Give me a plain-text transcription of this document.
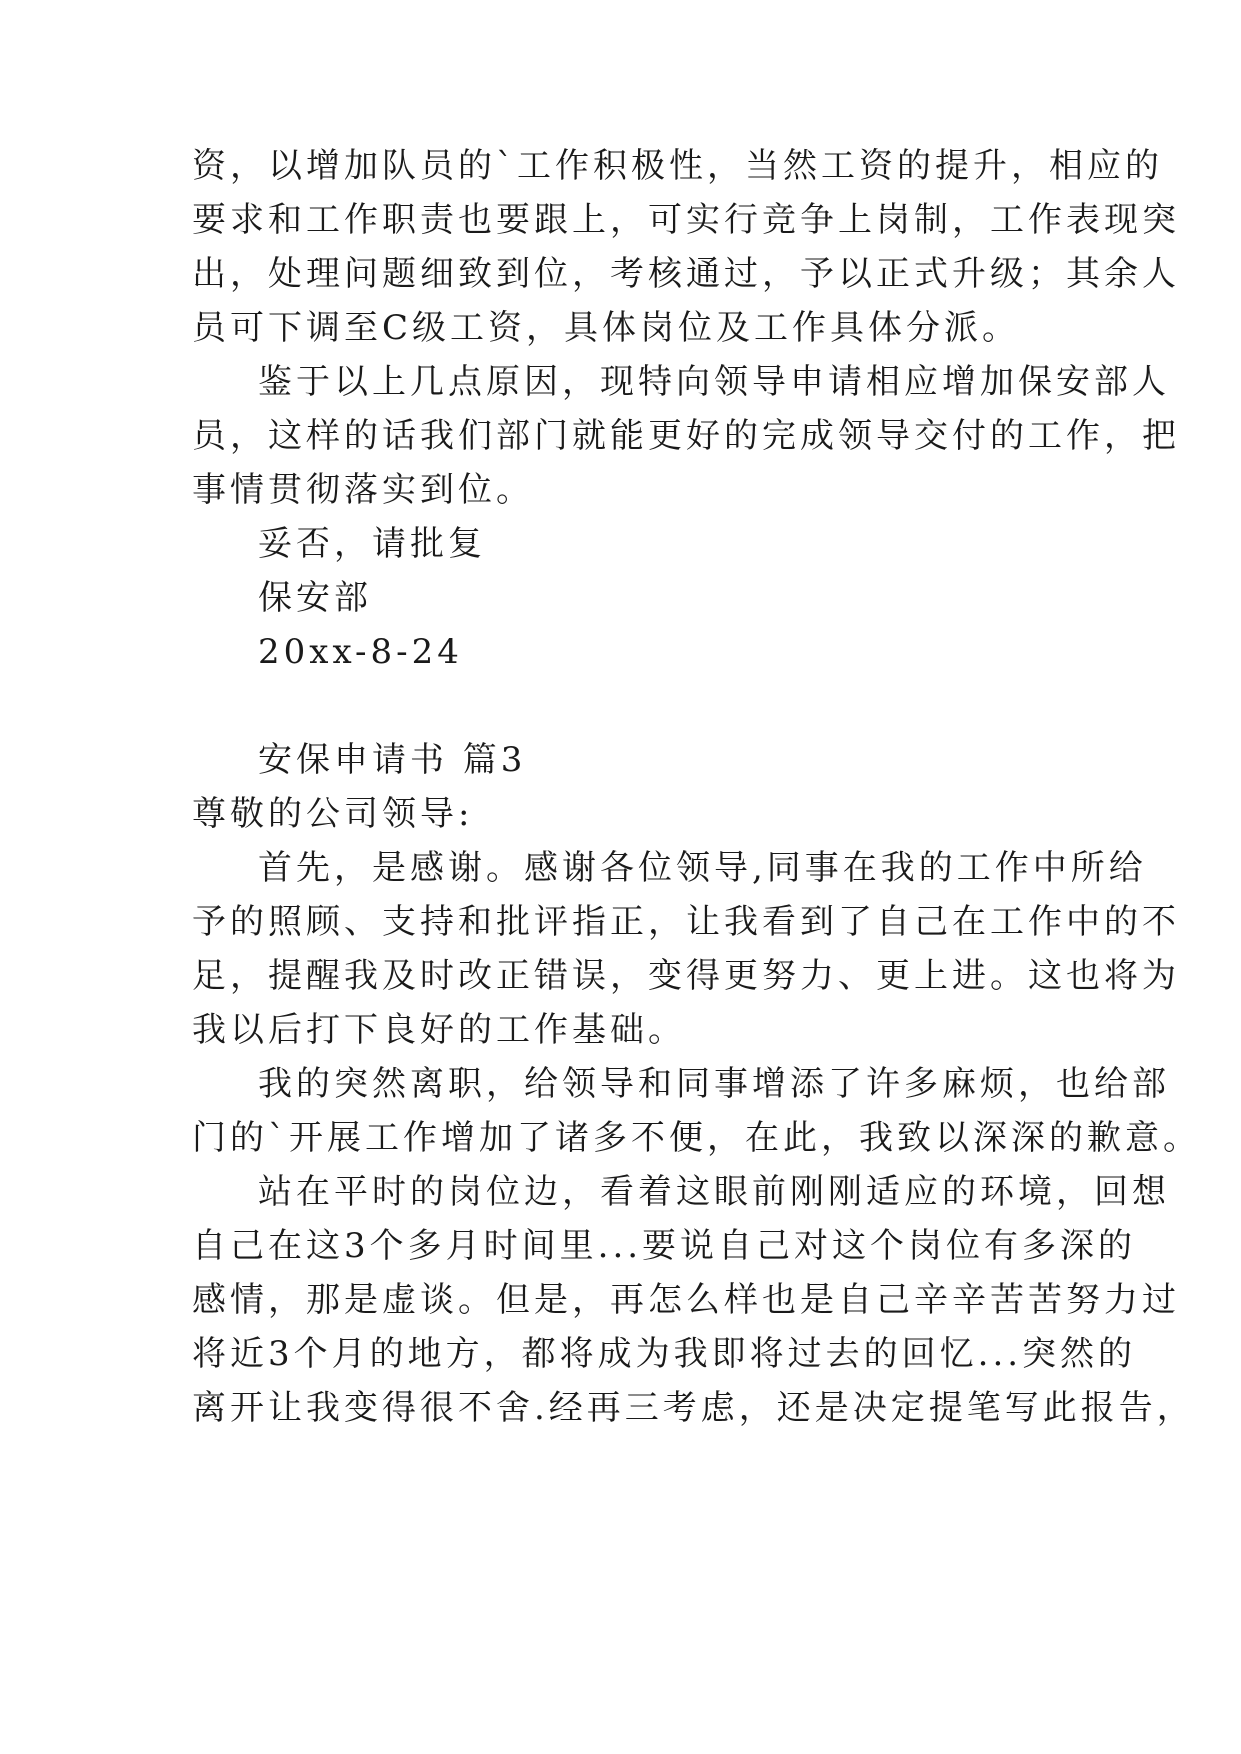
资，以增加队员的`工作积极性，当然工资的提升，相应的
要求和工作职责也要跟上，可实行竞争上岗制，工作表现突
出，处理问题细致到位，考核通过，予以正式升级；其余人
员可下调至C级工资，具体岗位及工作具体分派。
鉴于以上几点原因，现特向领导申请相应增加保安部人
员，这样的话我们部门就能更好的完成领导交付的工作，把
事情贯彻落实到位。
妥否，请批复
保安部
20xx-8-24
安保申请书 篇3
尊敬的公司领导:
首先，是感谢。感谢各位领导,同事在我的工作中所给
予的照顾、支持和批评指正，让我看到了自己在工作中的不
足，提醒我及时改正错误，变得更努力、更上进。这也将为
我以后打下良好的工作基础。
我的突然离职，给领导和同事增添了许多麻烦，也给部
门的`开展工作增加了诸多不便，在此，我致以深深的歉意。
站在平时的岗位边，看着这眼前刚刚适应的环境，回想
自己在这3个多月时间里...要说自己对这个岗位有多深的
感情，那是虚谈。但是，再怎么样也是自己辛辛苦苦努力过
将近3个月的地方，都将成为我即将过去的回忆...突然的
离开让我变得很不舍.经再三考虑，还是决定提笔写此报告，
